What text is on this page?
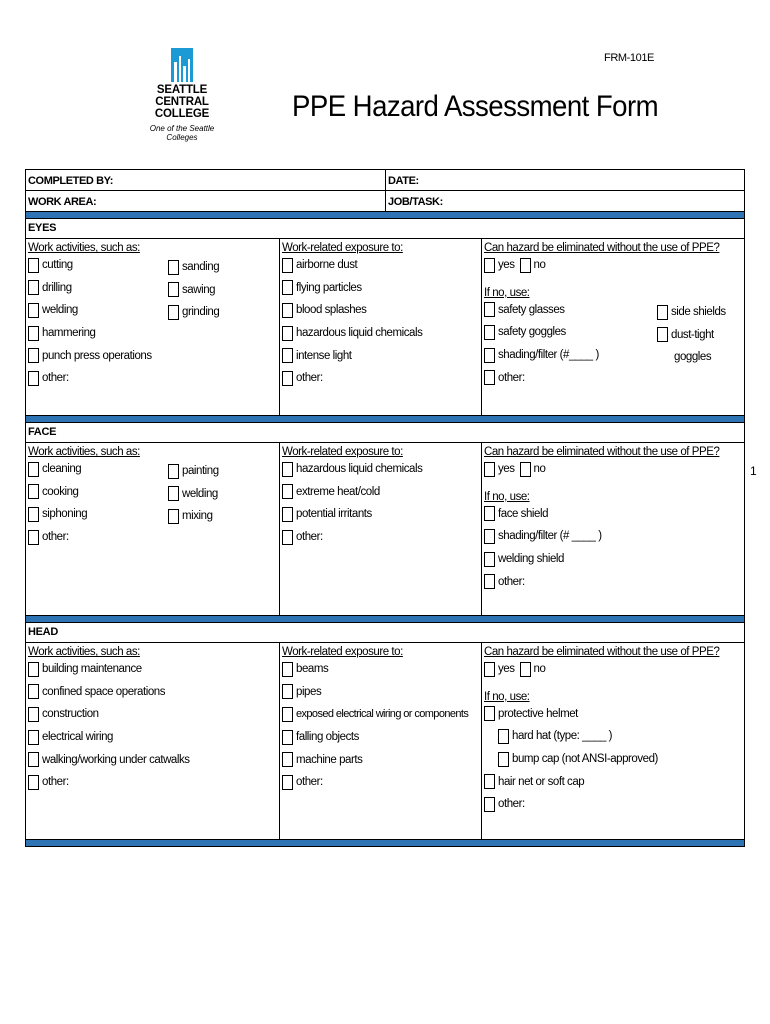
SEATTLE CENTRAL
COLLEGE
One of the Seattle Colleges
FRM-101E
PPE Hazard Assessment Form
1
COMPLETED BY:	DATE:
WORK AREA:	JOB/TASK:
EYES
Work activities, such as:
cutting
drilling
welding
hammering
punch press operations
other:
sanding
sawing
grinding
Work-related exposure to:
airborne dust
flying particles
blood splashes
hazardous liquid chemicals
intense light
other:
Can hazard be eliminated without the use of PPE?
yes no
If no, use:
safety glasses
safety goggles
shading/filter (#____ )
other:
side shields
dust-tight
goggles
FACE
Work activities, such as:
cleaning
cooking
siphoning
other:
painting
welding
mixing
Work-related exposure to:
hazardous liquid chemicals
extreme heat/cold
potential irritants
other:
Can hazard be eliminated without the use of PPE?
yes no
If no, use:
face shield
shading/filter (# ____ )
welding shield
other:
HEAD
Work activities, such as:
building maintenance
confined space operations
construction
electrical wiring
walking/working under catwalks
other:
Work-related exposure to:
beams
pipes
exposed electrical wiring or components
falling objects
machine parts
other:
Can hazard be eliminated without the use of PPE?
yes no
If no, use:
protective helmet
hard hat (type: ____ )
bump cap (not ANSI-approved)
hair net or soft cap
other:
